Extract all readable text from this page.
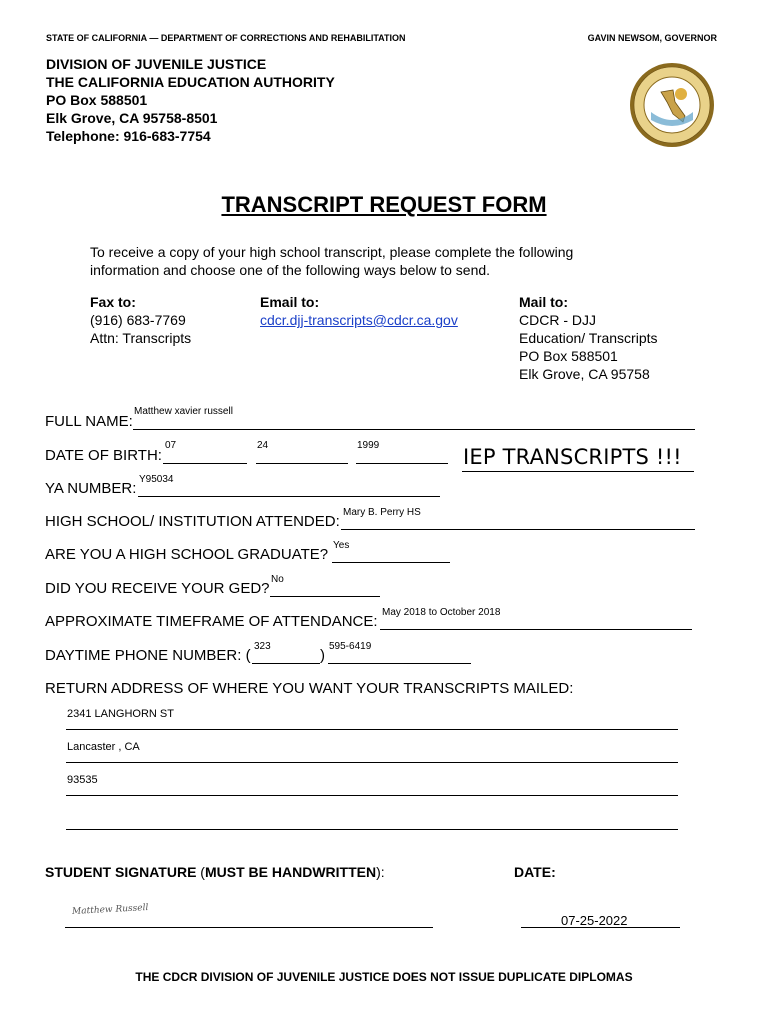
STATE OF CALIFORNIA — DEPARTMENT OF CORRECTIONS AND REHABILITATION	GAVIN NEWSOM, GOVERNOR
DIVISION OF JUVENILE JUSTICE
THE CALIFORNIA EDUCATION AUTHORITY
PO Box 588501
Elk Grove, CA 95758-8501
Telephone: 916-683-7754
TRANSCRIPT REQUEST FORM
To receive a copy of your high school transcript, please complete the following
information and choose one of the following ways below to send.
Fax to:
(916) 683-7769
Attn: Transcripts
Email to:
cdcr.djj-transcripts@cdcr.ca.gov
Mail to:
CDCR - DJJ
Education/ Transcripts
PO Box 588501
Elk Grove, CA 95758
FULL NAME:
Matthew xavier russell
DATE OF BIRTH:
07	24	1999	IEP TRANSCRIPTS !!!
YA NUMBER:
Y95034
HIGH SCHOOL/ INSTITUTION ATTENDED:
Mary B. Perry HS
ARE YOU A HIGH SCHOOL GRADUATE?
Yes
DID YOU RECEIVE YOUR GED?
No
APPROXIMATE TIMEFRAME OF ATTENDANCE:
May 2018 to October 2018
DAYTIME PHONE NUMBER: (
323
)
595-6419
RETURN ADDRESS OF WHERE YOU WANT YOUR TRANSCRIPTS MAILED:
2341 LANGHORN ST
Lancaster , CA
93535
STUDENT SIGNATURE (MUST BE HANDWRITTEN):	DATE:
Matthew Russell
07-25-2022
THE CDCR DIVISION OF JUVENILE JUSTICE DOES NOT ISSUE DUPLICATE DIPLOMAS
